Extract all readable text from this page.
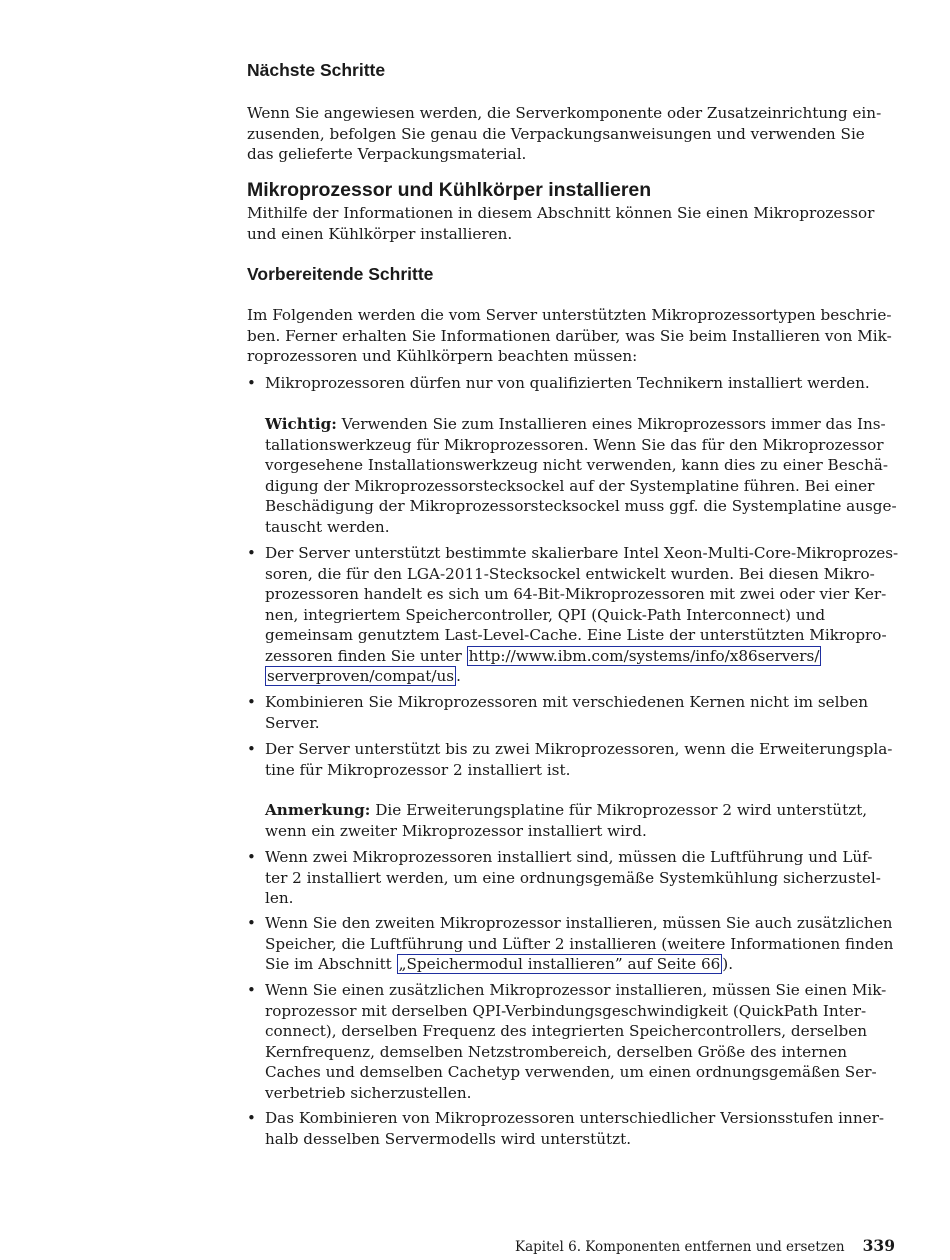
Nächste Schritte
Wenn Sie angewiesen werden, die Serverkomponente oder Zusatzeinrichtung ein-
zusenden, befolgen Sie genau die Verpackungsanweisungen und verwenden Sie
das gelieferte Verpackungsmaterial.
Mikroprozessor und Kühlkörper installieren
Mithilfe der Informationen in diesem Abschnitt können Sie einen Mikroprozessor
und einen Kühlkörper installieren.
Vorbereitende Schritte
Im Folgenden werden die vom Server unterstützten Mikroprozessortypen beschrie-
ben. Ferner erhalten Sie Informationen darüber, was Sie beim Installieren von Mik-
roprozessoren und Kühlkörpern beachten müssen:
• Mikroprozessoren dürfen nur von qualifizierten Technikern installiert werden.
Wichtig: Verwenden Sie zum Installieren eines Mikroprozessors immer das Ins-
tallationswerkzeug für Mikroprozessoren. Wenn Sie das für den Mikroprozessor
vorgesehene Installationswerkzeug nicht verwenden, kann dies zu einer Beschä-
digung der Mikroprozessorstecksockel auf der Systemplatine führen. Bei einer
Beschädigung der Mikroprozessorstecksockel muss ggf. die Systemplatine ausge-
tauscht werden.
• Der Server unterstützt bestimmte skalierbare Intel Xeon-Multi-Core-Mikroprozes-
soren, die für den LGA-2011-Stecksockel entwickelt wurden. Bei diesen Mikro-
prozessoren handelt es sich um 64-Bit-Mikroprozessoren mit zwei oder vier Ker-
nen, integriertem Speichercontroller, QPI (Quick-Path Interconnect) und
gemeinsam genutztem Last-Level-Cache. Eine Liste der unterstützten Mikropro-
zessoren finden Sie unter http://www.ibm.com/systems/info/x86servers/
serverproven/compat/us .
• Kombinieren Sie Mikroprozessoren mit verschiedenen Kernen nicht im selben
Server.
• Der Server unterstützt bis zu zwei Mikroprozessoren, wenn die Erweiterungspla-
tine für Mikroprozessor 2 installiert ist.
Anmerkung: Die Erweiterungsplatine für Mikroprozessor 2 wird unterstützt,
wenn ein zweiter Mikroprozessor installiert wird.
• Wenn zwei Mikroprozessoren installiert sind, müssen die Luftführung und Lüf-
ter 2 installiert werden, um eine ordnungsgemäße Systemkühlung sicherzustel-
len.
• Wenn Sie den zweiten Mikroprozessor installieren, müssen Sie auch zusätzlichen
Speicher, die Luftführung und Lüfter 2 installieren (weitere Informationen finden
Sie im Abschnitt „Speichermodul installieren” auf Seite 66 ).
• Wenn Sie einen zusätzlichen Mikroprozessor installieren, müssen Sie einen Mik-
roprozessor mit derselben QPI-Verbindungsgeschwindigkeit (QuickPath Inter-
connect), derselben Frequenz des integrierten Speichercontrollers, derselben
Kernfrequenz, demselben Netzstrombereich, derselben Größe des internen
Caches und demselben Cachetyp verwenden, um einen ordnungsgemäßen Ser-
verbetrieb sicherzustellen.
• Das Kombinieren von Mikroprozessoren unterschiedlicher Versionsstufen inner-
halb desselben Servermodells wird unterstützt.
Kapitel 6. Komponenten entfernen und ersetzen 339
